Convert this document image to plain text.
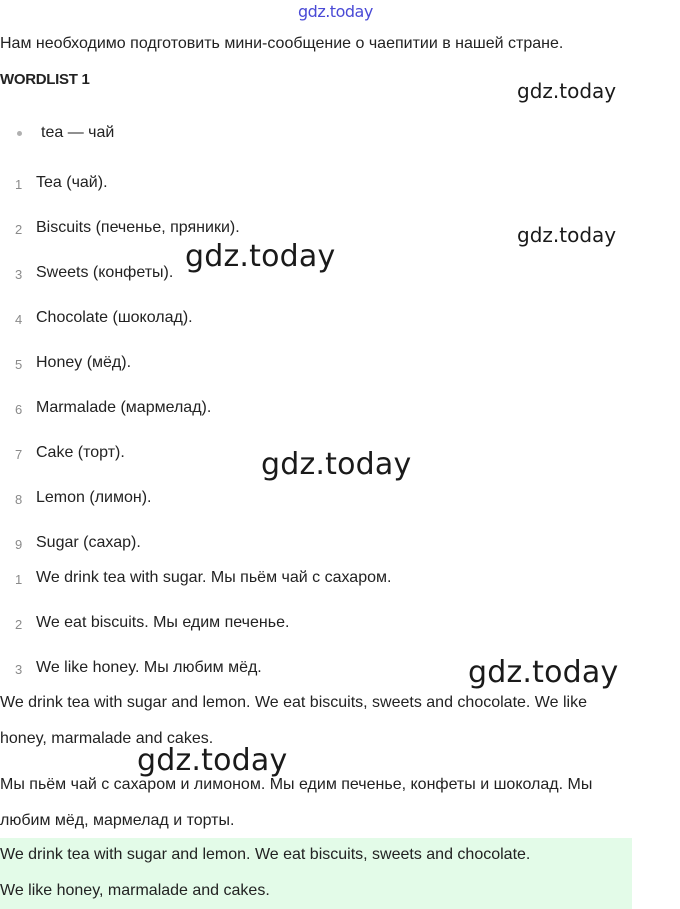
gdz.today
gdz.today
gdz.today
Нам необходимо подготовить мини-сообщение о чаепитии в нашей стране.
WORDLIST 1
tea — чай
1 Tea (чай).
2 Biscuits (печенье, пряники).
3 Sweets (конфеты).
4 Chocolate (шоколад).
5 Honey (мёд).
6 Marmalade (мармелад).
7 Cake (торт).
8 Lemon (лимон).
9 Sugar (сахар).
1 We drink tea with sugar. Мы пьём чай с сахаром.
2 We eat biscuits. Мы едим печенье.
3 We like honey. Мы любим мёд.
We drink tea with sugar and lemon. We eat biscuits, sweets and chocolate. We like
honey, marmalade and cakes.
Мы пьём чай с сахаром и лимоном. Мы едим печенье, конфеты и шоколад. Мы
любим мёд, мармелад и торты.
We drink tea with sugar and lemon. We eat biscuits, sweets and chocolate.
We like honey, marmalade and cakes.
gdz.today
gdz.today
gdz.today
gdz.today
